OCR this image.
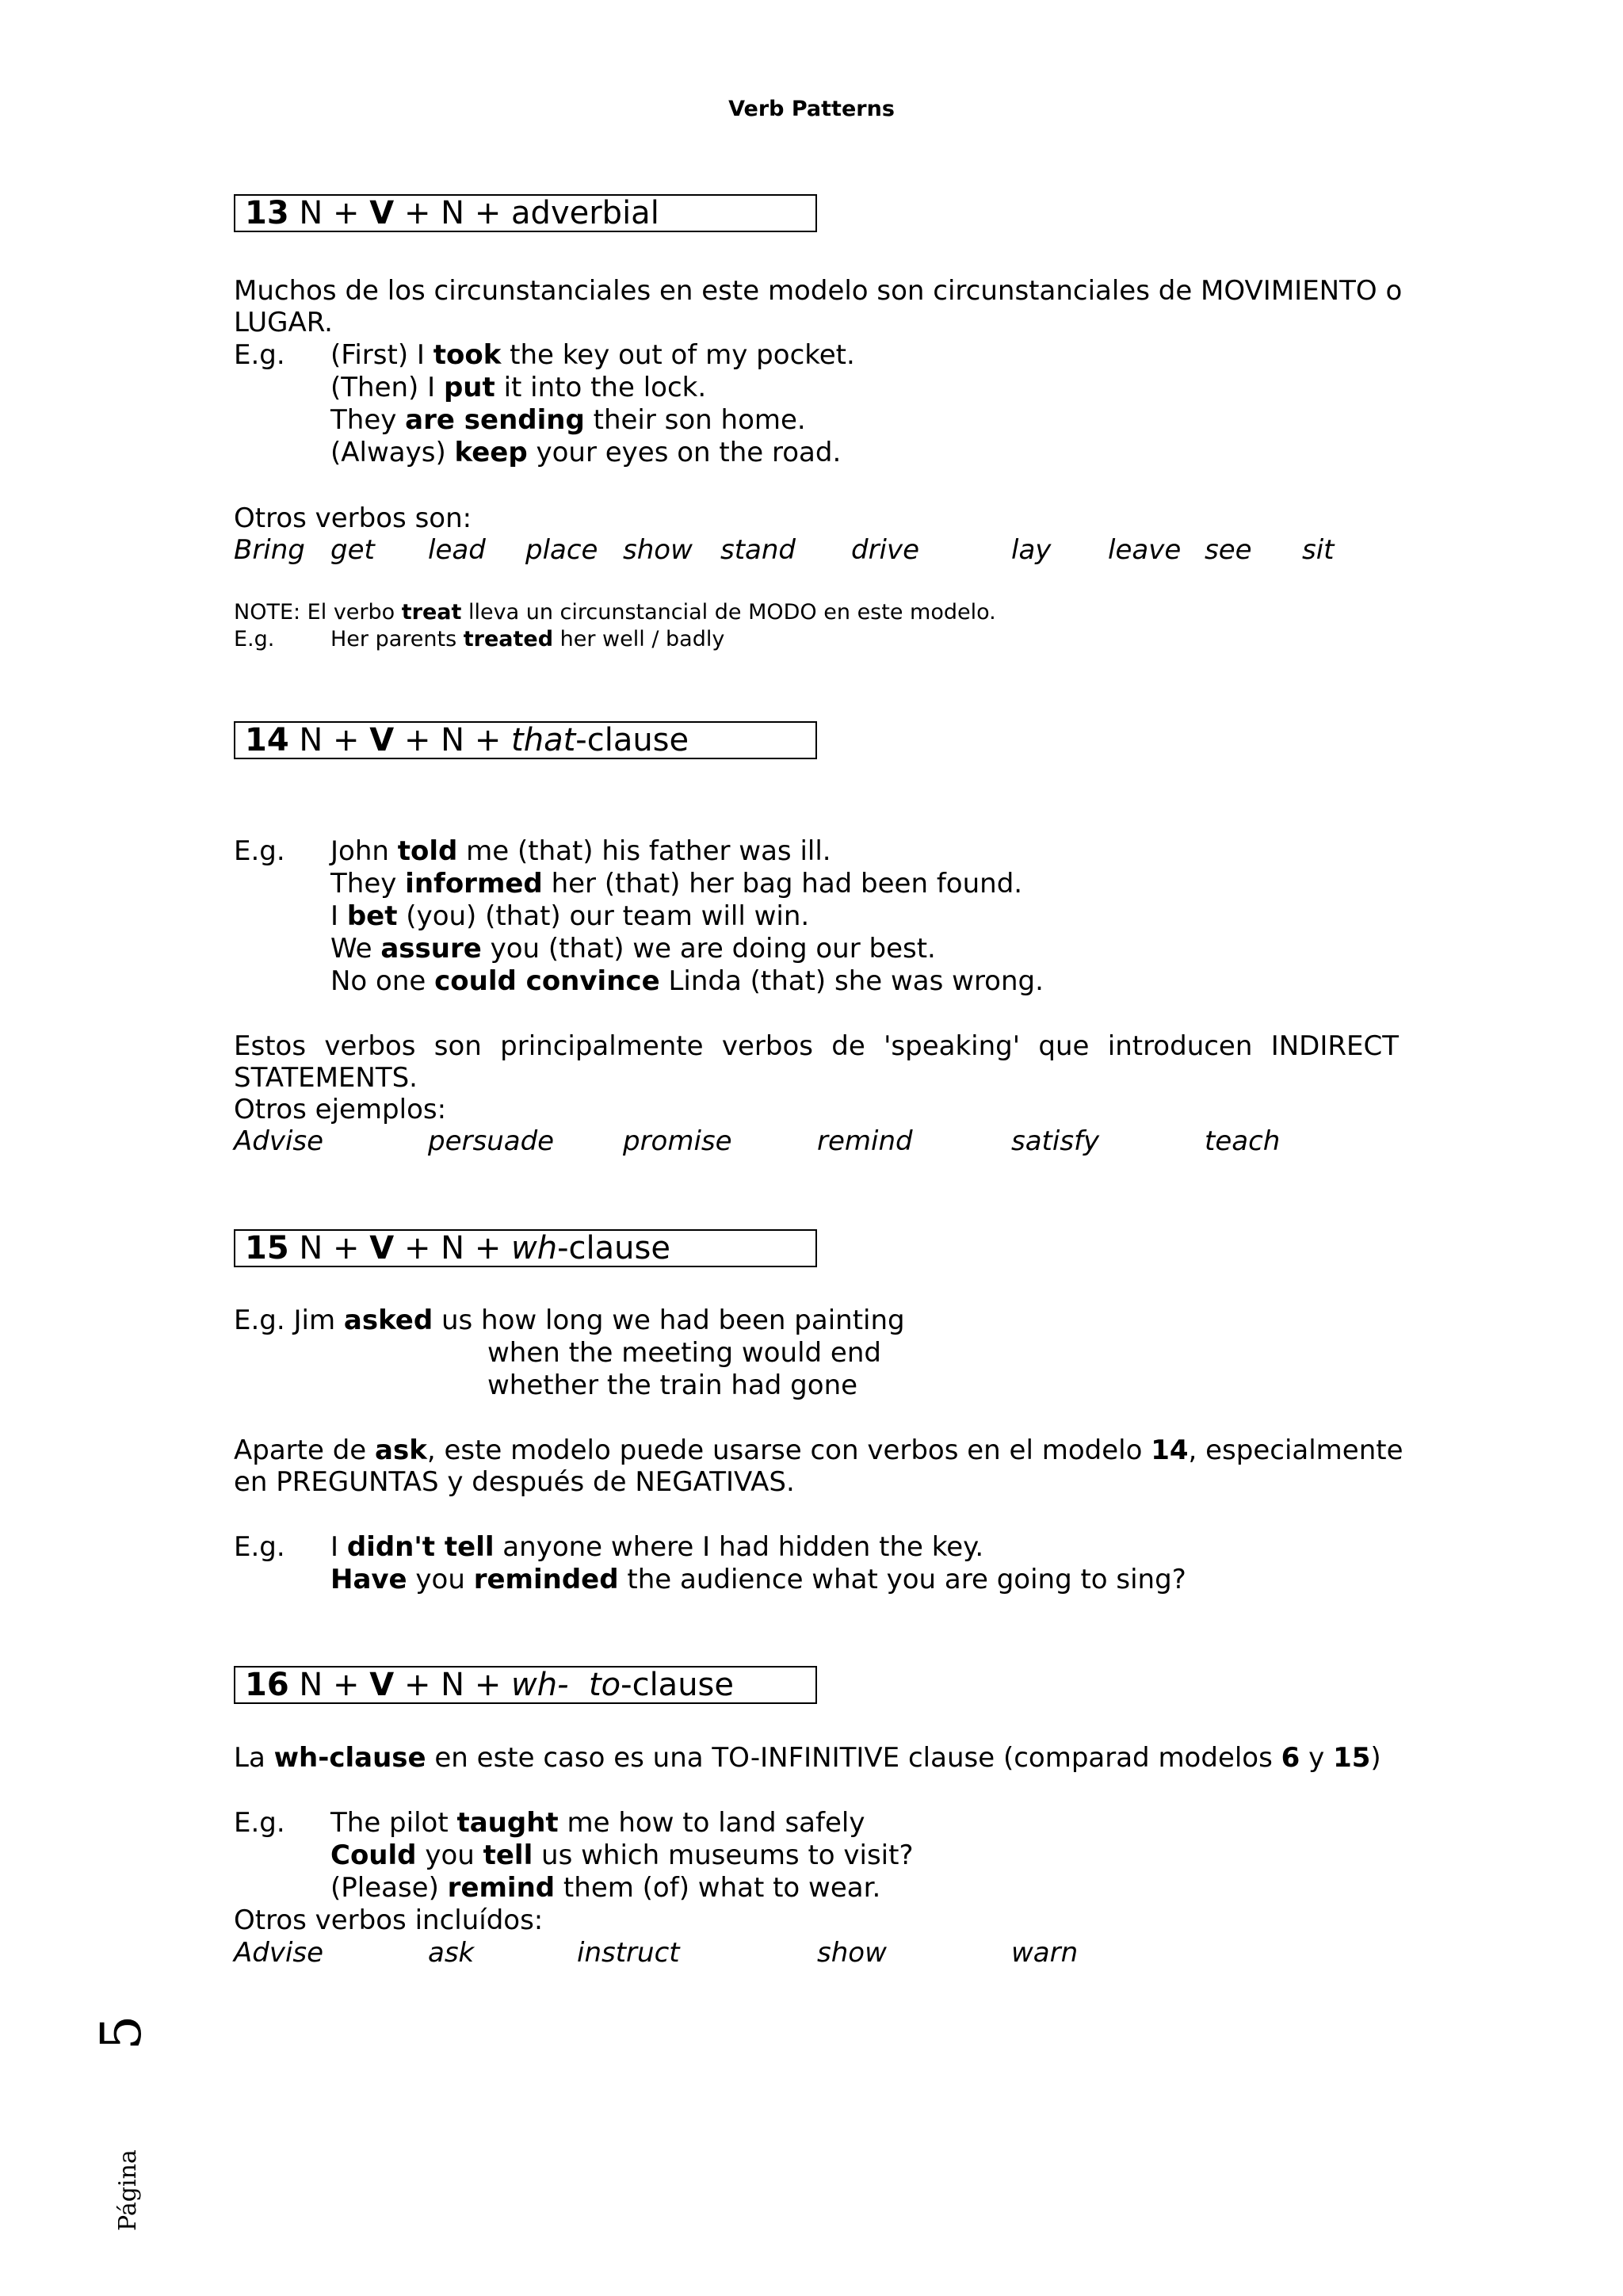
Verb Patterns
13 N + V + N + adverbial
Muchos de los circunstanciales en este modelo son circunstanciales de MOVIMIENTO o
LUGAR.
E.g. (First) I took the key out of my pocket.
(Then) I put it into the lock.
They are sending their son home.
(Always) keep your eyes on the road.
Otros verbos son:
Bring get lead place show stand drive	lay leave see sit
NOTE: El verbo treat lleva un circunstancial de MODO en este modelo.
E.g.	Her parents treated her well / badly
14 N + V + N + that-clause
E.g. John told me (that) his father was ill.
They informed her (that) her bag had been found.
I bet (you) (that) our team will win.
We assure you (that) we are doing our best.
No one could convince Linda (that) she was wrong.
Estos verbos son principalmente verbos de 'speaking' que introducen INDIRECT
STATEMENTS.
Otros ejemplos:
Advise	persuade	promise	remind	satisfy	teach
15 N + V + N + wh-clause
E.g. Jim asked us how long we had been painting
when the meeting would end
whether the train had gone
Aparte de ask, este modelo puede usarse con verbos en el modelo 14, especialmente
en PREGUNTAS y después de NEGATIVAS.
E.g. I didn't tell anyone where I had hidden the key.
Have you reminded the audience what you are going to sing?
16 N + V + N + wh- to-clause
La wh-clause en este caso es una TO-INFINITIVE clause (comparad modelos 6 y 15)
E.g. The pilot taught me how to land safely
Could you tell us which museums to visit?
(Please) remind them (of) what to wear.
Otros verbos incluídos:
Advise	ask	instruct	show	warn
Página
5
